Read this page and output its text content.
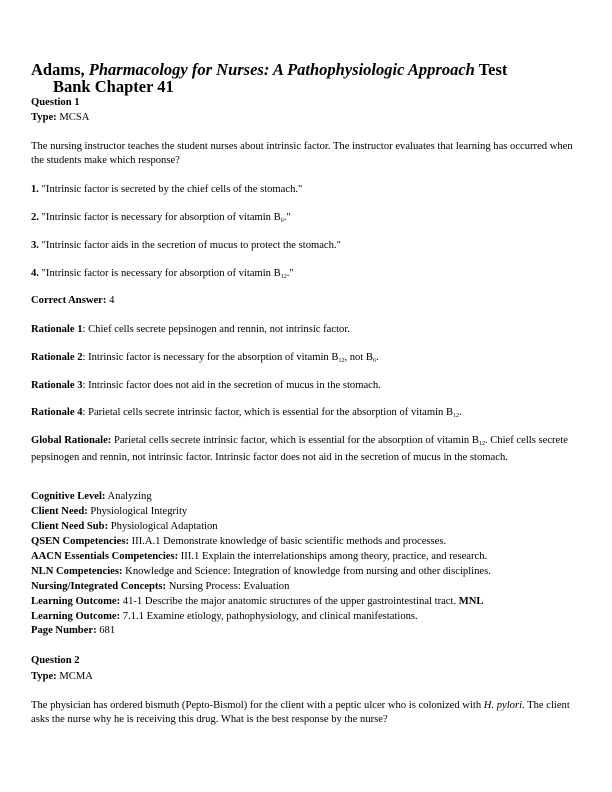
Adams, Pharmacology for Nurses: A Pathophysiologic Approach Test
Bank Chapter 41
Question 1
Type: MCSA
The nursing instructor teaches the student nurses about intrinsic factor. The instructor evaluates that learning has occurred when the students make which response?
1. "Intrinsic factor is secreted by the chief cells of the stomach."
2. "Intrinsic factor is necessary for absorption of vitamin $B_6$."
3. "Intrinsic factor aids in the secretion of mucus to protect the stomach."
4. "Intrinsic factor is necessary for absorption of vitamin $B_{12}$."
Correct Answer: 4
Rationale 1: Chief cells secrete pepsinogen and rennin, not intrinsic factor.
Rationale 2: Intrinsic factor is necessary for the absorption of vitamin $B_{12}$, not $B_6$.
Rationale 3: Intrinsic factor does not aid in the secretion of mucus in the stomach.
Rationale 4: Parietal cells secrete intrinsic factor, which is essential for the absorption of vitamin $B_{12}$.
Global Rationale: Parietal cells secrete intrinsic factor, which is essential for the absorption of vitamin $B_{12}$. Chief cells secrete pepsinogen and rennin, not intrinsic factor. Intrinsic factor does not aid in the secretion of mucus in the stomach.
Cognitive Level: Analyzing
Client Need: Physiological Integrity
Client Need Sub: Physiological Adaptation
QSEN Competencies: III.A.1 Demonstrate knowledge of basic scientific methods and processes.
AACN Essentials Competencies: III.1 Explain the interrelationships among theory, practice, and research.
NLN Competencies: Knowledge and Science: Integration of knowledge from nursing and other disciplines.
Nursing/Integrated Concepts: Nursing Process: Evaluation
Learning Outcome: 41-1 Describe the major anatomic structures of the upper gastrointestinal tract. MNL
Learning Outcome: 7.1.1 Examine etiology, pathophysiology, and clinical manifestations.
Page Number: 681
Question 2
Type: MCMA
The physician has ordered bismuth (Pepto-Bismol) for the client with a peptic ulcer who is colonized with H. pylori. The client asks the nurse why he is receiving this drug. What is the best response by the nurse?
